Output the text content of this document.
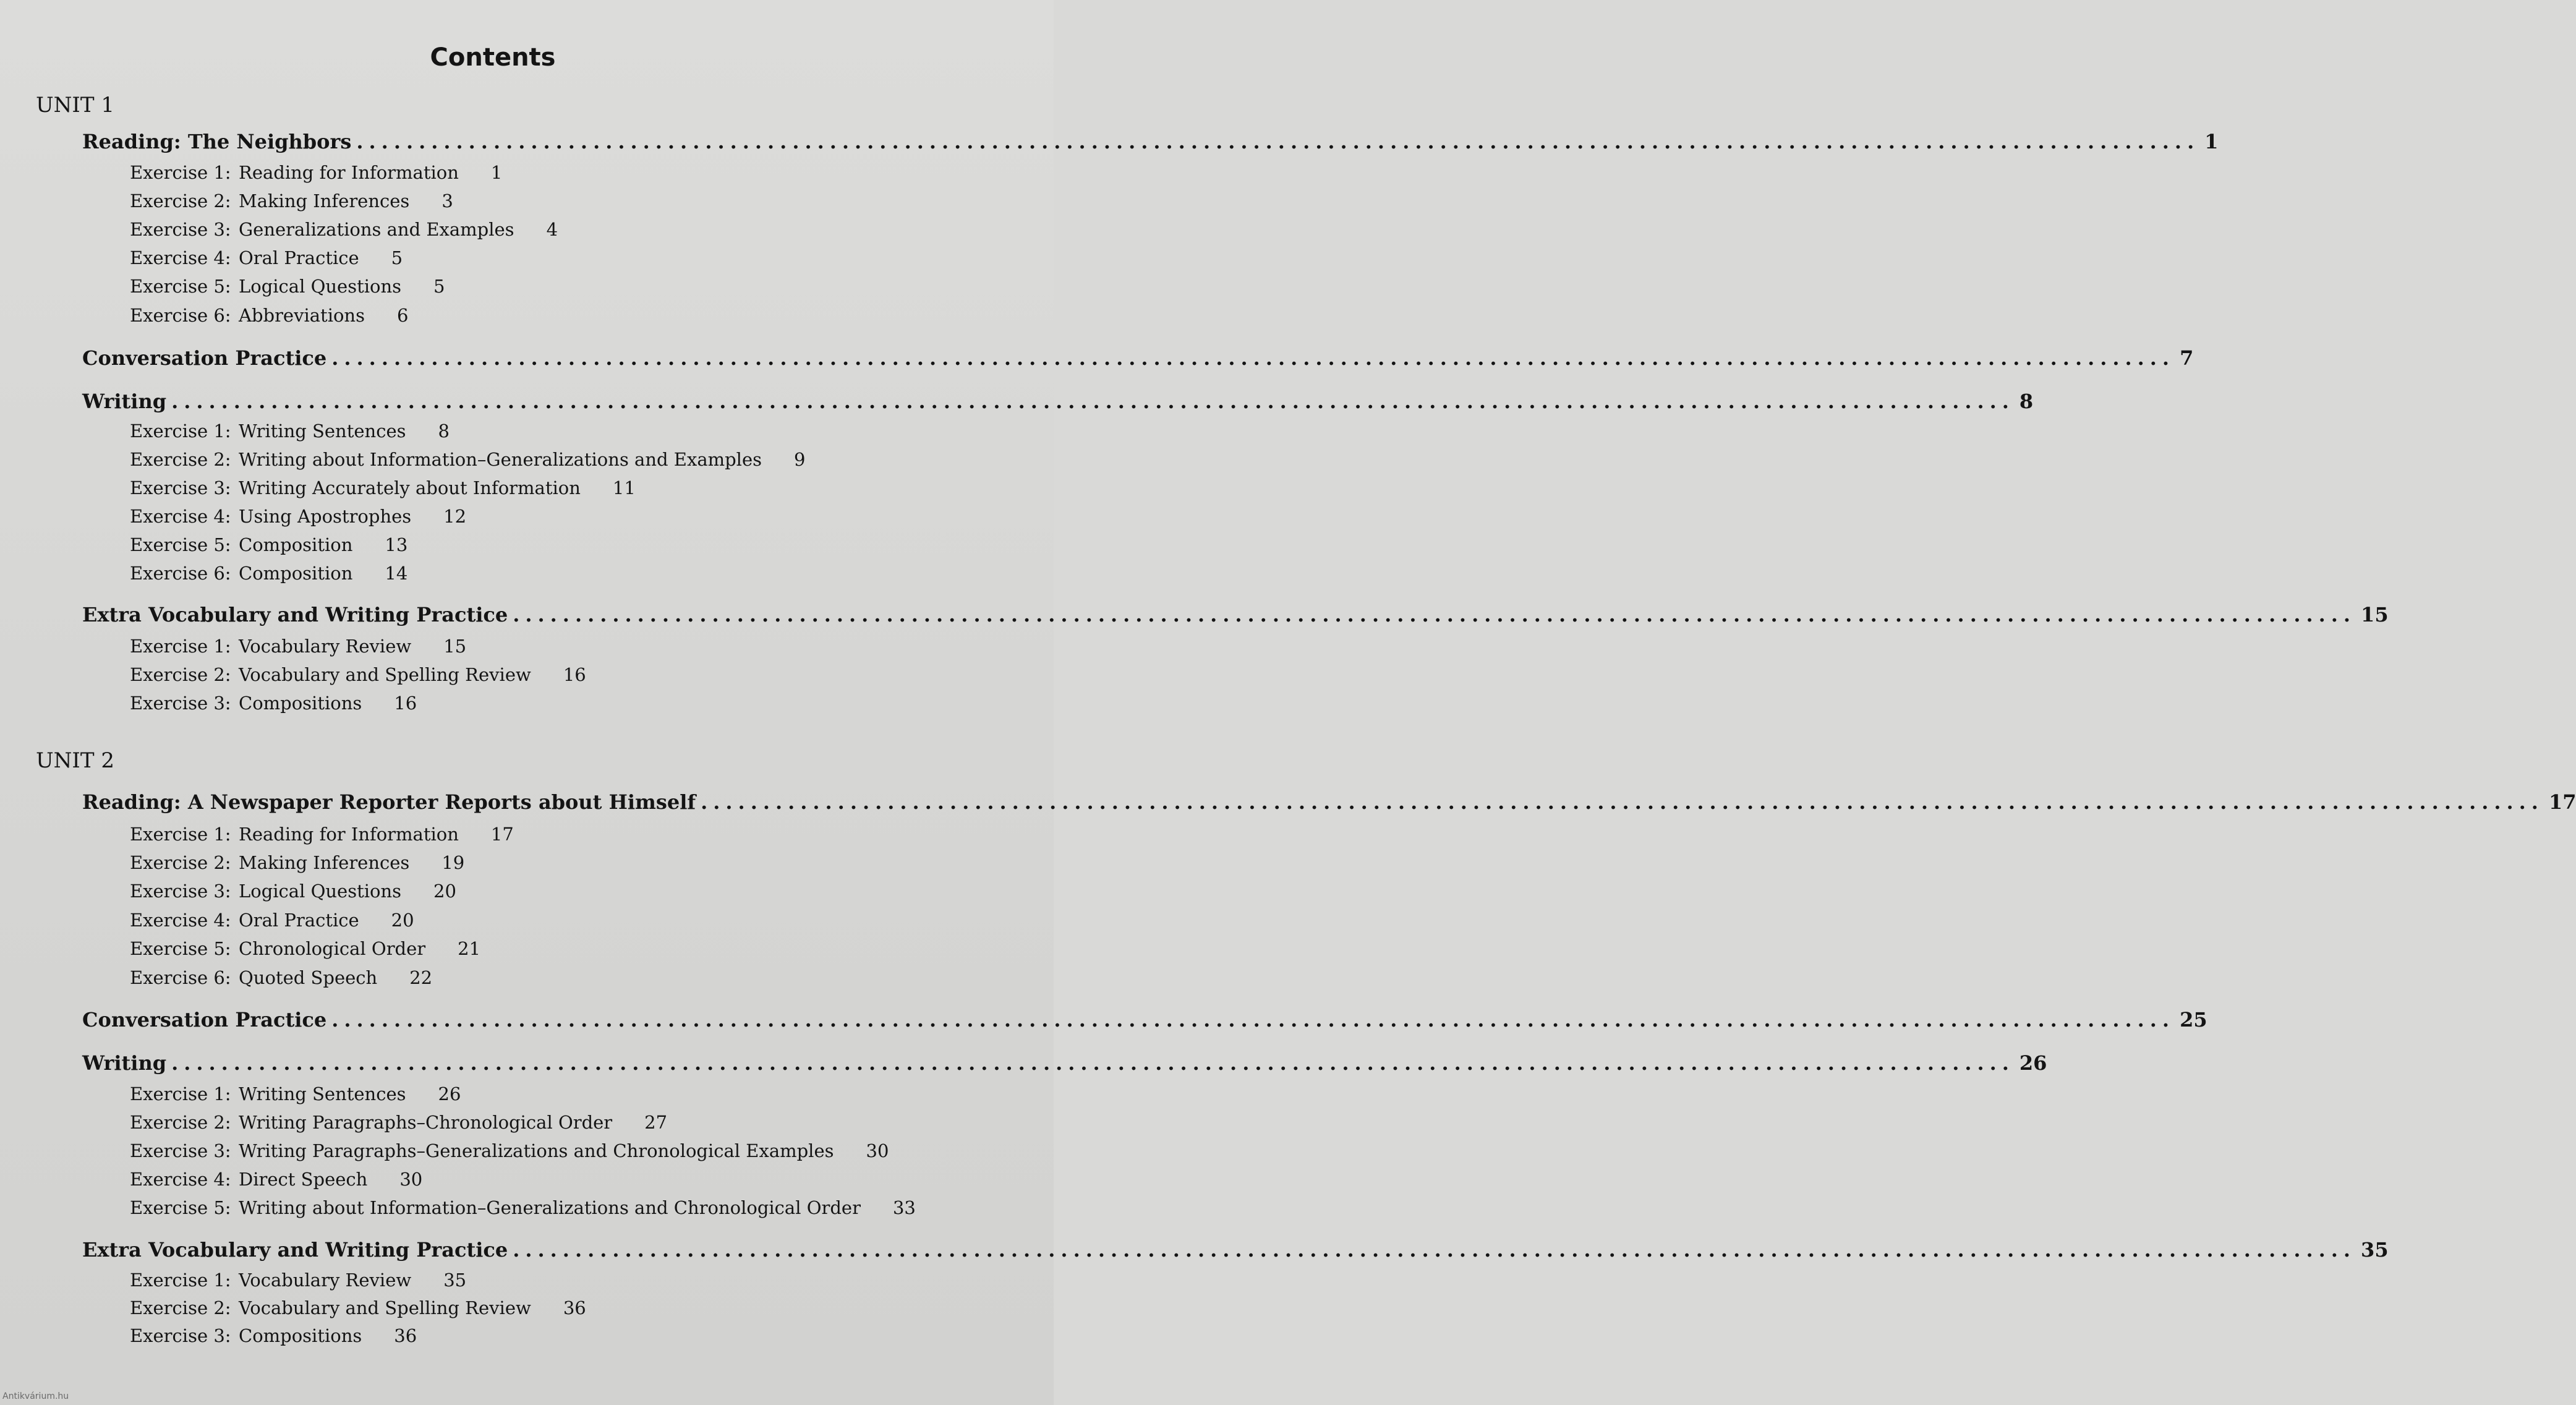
Contents
UNIT 1
Reading: The Neighbors .................................................................................................................................................... 1
Exercise 1: Reading for Information 1
Exercise 2: Making Inferences 3
Exercise 3: Generalizations and Examples 4
Exercise 4: Oral Practice 5
Exercise 5: Logical Questions 5
Exercise 6: Abbreviations 6
Conversation Practice .................................................................................................................................................... 7
Writing .................................................................................................................................................... 8
Exercise 1: Writing Sentences 8
Exercise 2: Writing about Information–Generalizations and Examples 9
Exercise 3: Writing Accurately about Information 11
Exercise 4: Using Apostrophes 12
Exercise 5: Composition 13
Exercise 6: Composition 14
Extra Vocabulary and Writing Practice .................................................................................................................................................... 15
Exercise 1: Vocabulary Review 15
Exercise 2: Vocabulary and Spelling Review 16
Exercise 3: Compositions 16
UNIT 2
Reading: A Newspaper Reporter Reports about Himself .................................................................................................................................................... 17
Exercise 1: Reading for Information 17
Exercise 2: Making Inferences 19
Exercise 3: Logical Questions 20
Exercise 4: Oral Practice 20
Exercise 5: Chronological Order 21
Exercise 6: Quoted Speech 22
Conversation Practice .................................................................................................................................................... 25
Writing .................................................................................................................................................... 26
Exercise 1: Writing Sentences 26
Exercise 2: Writing Paragraphs–Chronological Order 27
Exercise 3: Writing Paragraphs–Generalizations and Chronological Examples 30
Exercise 4: Direct Speech 30
Exercise 5: Writing about Information–Generalizations and Chronological Order 33
Extra Vocabulary and Writing Practice .................................................................................................................................................... 35
Exercise 1: Vocabulary Review 35
Exercise 2: Vocabulary and Spelling Review 36
Exercise 3: Compositions 36
Antikvárium.hu
